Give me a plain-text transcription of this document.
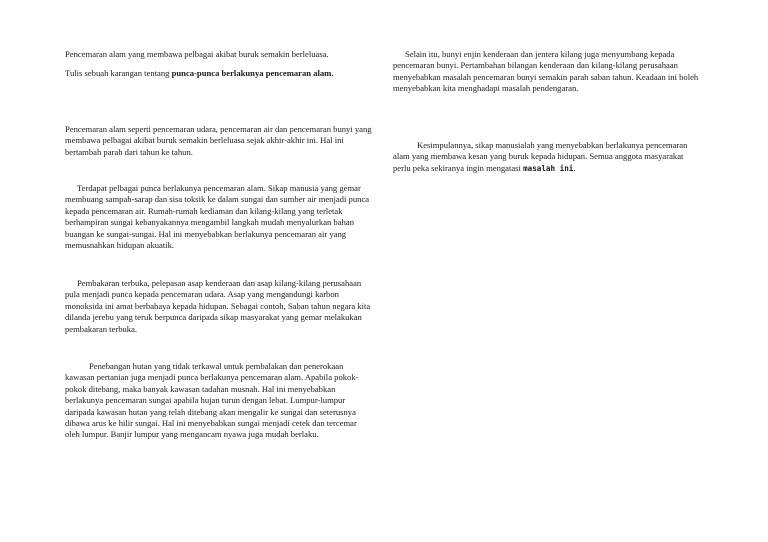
Pencemaran alam yang membawa pelbagai akibat buruk semakin berleluasa.

Tulis sebuah karangan tentang punca-punca berlakunya pencemaran alam.

Pencemaran alam seperti pencemaran udara, pencemaran air dan pencemaran bunyi yang membawa pelbagai akibat buruk semakin berleluasa sejak akhir-akhir ini. Hal ini bertambah parah dari tahun ke tahun.

Terdapat pelbagai punca berlakunya pencemaran alam. Sikap manusia yang gemar membuang sampah-sarap dan sisa toksik ke dalam sungai dan sumber air menjadi punca kepada pencemaran air. Rumah-rumah kediaman dan kilang-kilang yang terletak berhampiran sungai kebanyakannya mengambil langkah mudah menyalurkan bahan buangan ke sungai-sungai. Hal ini menyebabkan berlakunya pencemaran air yang memusnahkan hidupan akuatik.

Pembakaran terbuka, pelepasan asap kenderaan dan asap kilang-kilang perusahaan pula menjadi punca kepada pencemaran udara. Asap yang mengandungi karbon monoksida ini amat berbahaya kepada hidupan. Sebagai contoh, Saban tahun negara kita dilanda jerebu yang teruk berpunca daripada sikap masyarakat yang gemar melakukan pembakaran terbuka.

Penebangan hutan yang tidak terkawal untuk pembalakan dan penerokaan kawasan pertanian juga menjadi punca berlakunya pencemaran alam. Apabila pokok-pokok ditebang, maka banyak kawasan tadahan musnah. Hal ini menyebabkan berlakunya pencemaran sungai apabila hujan turun dengan lebat. Lumpur-lumpur daripada kawasan hutan yang telah ditebang akan mengalir ke sungai dan seterusnya dibawa arus ke hilir sungai. Hal ini menyebabkan sungai menjadi cetek dan tercemar oleh lumpur. Banjir lumpur yang mengancam nyawa juga mudah berlaku.

Selain itu, bunyi enjin kenderaan dan jentera kilang juga menyumbang kepada pencemaran bunyi. Pertambahan bilangan kenderaan dan kilang-kilang perusahaan menyebabkan masalah pencemaran bunyi semakin parah saban tahun. Keadaan ini boleh menyebabkan kita menghadapi masalah pendengaran.

Kesimpulannya, sikap manusialah yang menyebabkan berlakunya pencemaran alam yang membawa kesan yang buruk kepada hidupan. Semua anggota masyarakat perlu peka sekiranya ingin mengatasi masalah ini.
